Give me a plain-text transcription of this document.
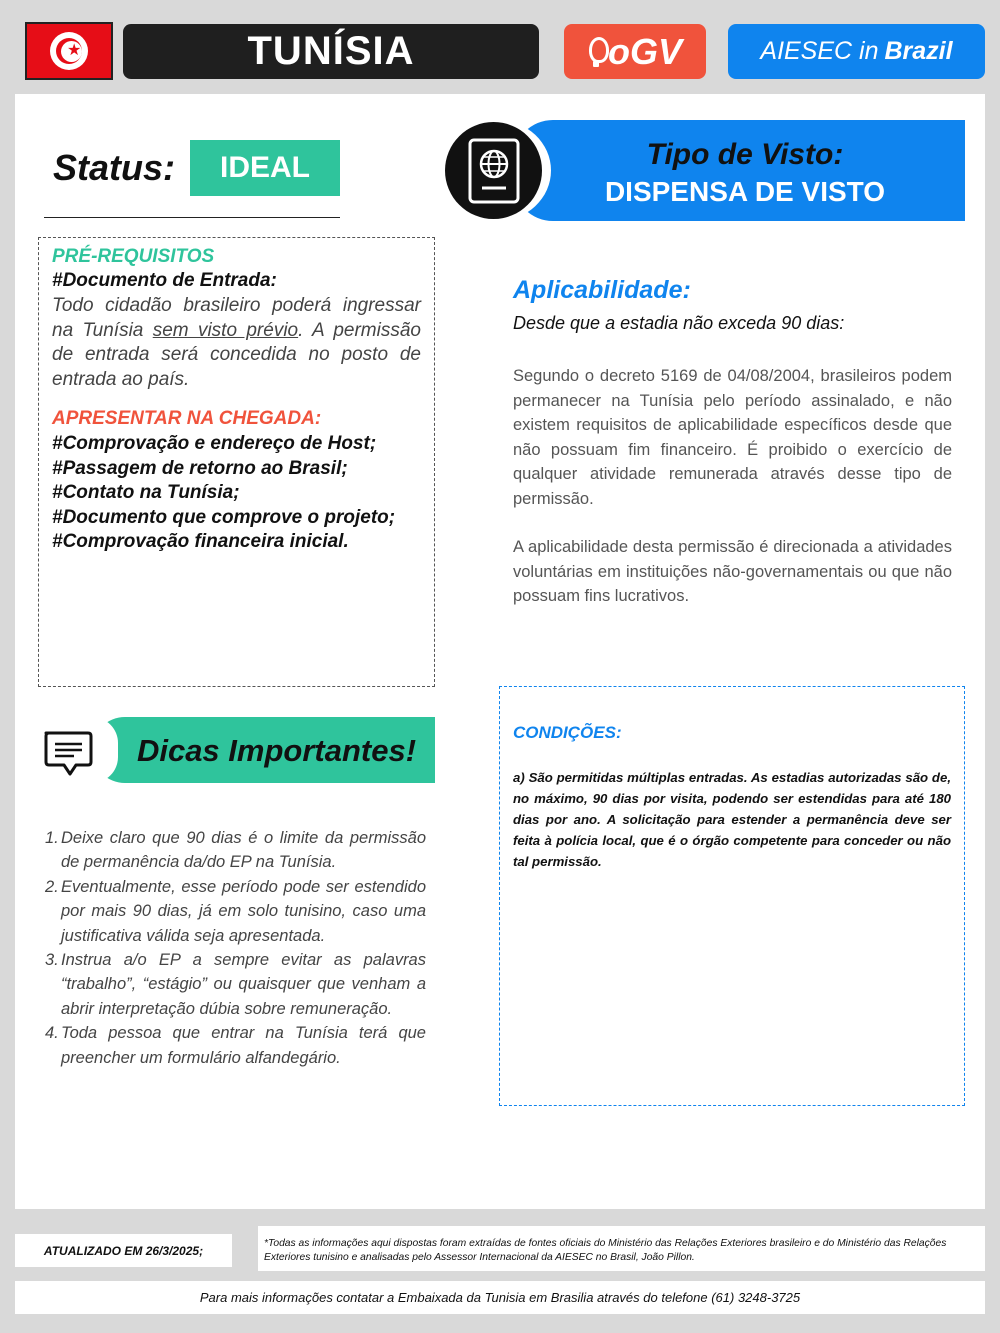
★	TUNÍSIA	oGV	AIESEC in Brazil
Status:	IDEAL	Tipo de Visto:
DISPENSA DE VISTO
PRÉ-REQUISITOS
#Documento de Entrada:

Todo cidadão brasileiro poderá ingressar na Tunísia sem visto prévio. A permissão de entrada será concedida no posto de entrada ao país.

APRESENTAR NA CHEGADA:
#Comprovação e endereço de Host;
#Passagem de retorno ao Brasil;
#Contato na Tunísia;
#Documento que comprove o projeto;
#Comprovação financeira inicial.
Aplicabilidade:
Desde que a estadia não exceda 90 dias:

Segundo o decreto 5169 de 04/08/2004, brasileiros podem permanecer na Tunísia pelo período assinalado, e não existem requisitos de aplicabilidade específicos desde que não possuam fim financeiro. É proibido o exercício de qualquer atividade remunerada através desse tipo de permissão.

A aplicabilidade desta permissão é direcionada a atividades voluntárias em instituições não-governamentais ou que não possuam fins lucrativos.

Dicas Importantes!
1. Deixe claro que 90 dias é o limite da permissão de permanência da/do EP na Tunísia.
2. Eventualmente, esse período pode ser estendido por mais 90 dias, já em solo tunisino, caso uma justificativa válida seja apresentada.
3. Instrua a/o EP a sempre evitar as palavras “trabalho”, “estágio” ou quaisquer que venham a abrir interpretação dúbia sobre remuneração.
4. Toda pessoa que entrar na Tunísia terá que preencher um formulário alfandegário.
CONDIÇÕES:

a) São permitidas múltiplas entradas. As estadias autorizadas são de, no máximo, 90 dias por visita, podendo ser estendidas para até 180 dias por ano. A solicitação para estender a permanência deve ser feita à polícia local, que é o órgão competente para conceder ou não tal permissão.

ATUALIZADO EM 26/3/2025;	*Todas as informações aqui dispostas foram extraídas de fontes oficiais do Ministério das Relações Exteriores brasileiro e do Ministério das Relações Exteriores tunisino e analisadas pelo Assessor Internacional da AIESEC no Brasil, João Pillon.
Para mais informações contatar a Embaixada da Tunisia em Brasilia através do telefone (61) 3248-3725
